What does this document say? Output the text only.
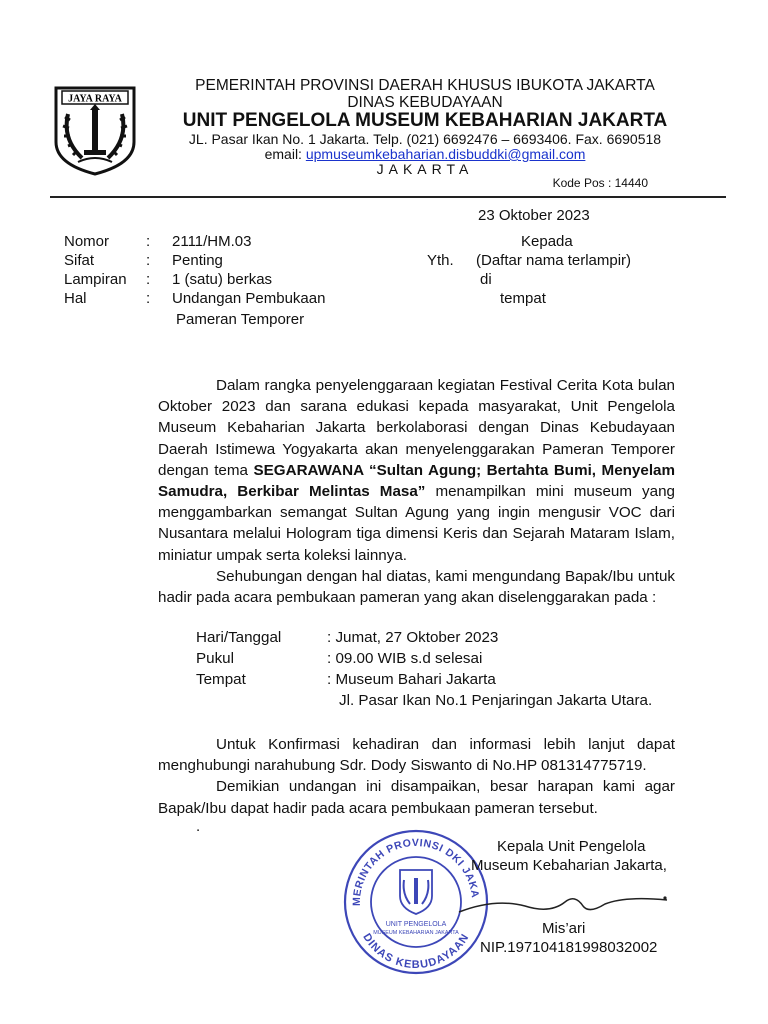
JAYA RAYA
PEMERINTAH PROVINSI DAERAH KHUSUS IBUKOTA JAKARTA
DINAS KEBUDAYAAN
UNIT PENGELOLA MUSEUM KEBAHARIAN JAKARTA
JL. Pasar Ikan No. 1 Jakarta. Telp. (021) 6692476 – 6693406. Fax. 6690518
email: upmuseumkebaharian.disbuddki@gmail.com
JAKARTA
Kode Pos : 14440
23 Oktober 2023
Nomor : 2111/HM.03
Sifat	: Penting
Lampiran : 1 (satu) berkas
Hal	: Undangan Pembukaan
Pameran Temporer
Kepada
Yth. (Daftar nama terlampir)
di
tempat

Dalam rangka penyelenggaraan kegiatan Festival Cerita Kota bulan Oktober 2023 dan sarana edukasi kepada masyarakat, Unit Pengelola Museum Kebaharian Jakarta berkolaborasi dengan Dinas Kebudayaan Daerah Istimewa Yogyakarta akan menyelenggarakan Pameran Temporer dengan tema SEGARAWANA “Sultan Agung; Bertahta Bumi, Menyelam Samudra, Berkibar Melintas Masa” menampilkan mini museum yang menggambarkan semangat Sultan Agung yang ingin mengusir VOC dari Nusantara melalui Hologram tiga dimensi Keris dan Sejarah Mataram Islam, miniatur umpak serta koleksi lainnya.

Sehubungan dengan hal diatas, kami mengundang Bapak/Ibu untuk hadir pada acara pembukaan pameran yang akan diselenggarakan pada :

Hari/Tanggal	: Jumat, 27 Oktober 2023
Pukul	: 09.00 WIB s.d selesai
Tempat	: Museum Bahari Jakarta
Jl. Pasar Ikan No.1 Penjaringan Jakarta Utara.

Untuk Konfirmasi kehadiran dan informasi lebih lanjut dapat menghubungi narahubung Sdr. Dody Siswanto di No.HP 081314775719.

Demikian undangan ini disampaikan, besar harapan kami agar Bapak/Ibu dapat hadir pada acara pembukaan pameran tersebut.

.
MERINTAH PROVINSI DKI JAKA
DINAS KEBUDAYAAN
UNIT PENGELOLA
MUSEUM KEBAHARIAN JAKARTA
Kepala Unit Pengelola
Museum Kebaharian Jakarta,
Mis’ari
NIP.197104181998032002
